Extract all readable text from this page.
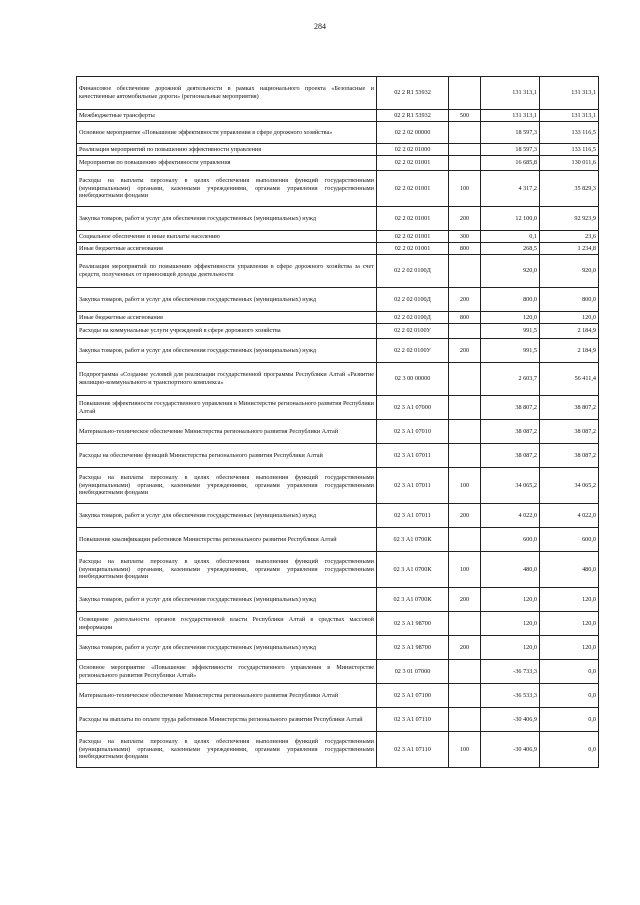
284
Финансовое обеспечение дорожной деятельности в рамках национального проекта «Безопасные и качественные автомобильные дороги» (региональные мероприятия)	02 2 R1 53932		131 313,1	131 313,1
Межбюджетные трансферты	02 2 R1 53932	500	131 313,1	131 313,1
Основное мероприятие «Повышение эффективности управления в сфере дорожного хозяйства»	02 2 02 00000		18 597,3	133 116,5
Реализация мероприятий по повышению эффективности управления	02 2 02 01000		18 597,3	133 116,5
Мероприятия по повышению эффективности управления	02 2 02 01001		16 685,8	130 011,6
Расходы на выплаты персоналу в целях обеспечения выполнения функций государственными (муниципальными) органами, казенными учреждениями, органами управления государственными внебюджетными фондами	02 2 02 01001	100	4 317,2	35 829,3
Закупка товаров, работ и услуг для обеспечения государственных (муниципальных) нужд	02 2 02 01001	200	12 100,0	92 923,9
Социальное обеспечение и иные выплаты населению	02 2 02 01001	300	0,1	23,6
Иные бюджетные ассигнования	02 2 02 01001	800	268,5	1 234,8
Реализация мероприятий по повышению эффективности управления в сфере дорожного хозяйства за счет средств, полученных от приносящей доходы деятельности	02 2 02 0100Д		920,0	920,0
Закупка товаров, работ и услуг для обеспечения государственных (муниципальных) нужд	02 2 02 0100Д	200	800,0	800,0
Иные бюджетные ассигнования	02 2 02 0100Д	800	120,0	120,0
Расходы на коммунальные услуги учреждений в сфере дорожного хозяйства	02 2 02 0100У		991,5	2 184,9
Закупка товаров, работ и услуг для обеспечения государственных (муниципальных) нужд	02 2 02 0100У	200	991,5	2 184,9
Подпрограмма «Создание условий для реализации государственной программы Республики Алтай «Развитие жилищно-коммунального и транспортного комплекса»	02 3 00 00000		2 603,7	56 411,4
Повышение эффективности государственного управления в Министерстве регионального развития Республики Алтай	02 3 А1 07000		38 807,2	38 807,2
Материально-техническое обеспечение Министерства регионального развития Республики Алтай	02 3 А1 07010		38 087,2	38 087,2
Расходы на обеспечение функций Министерства регионального развития Республики Алтай	02 3 А1 07011		38 087,2	38 087,2
Расходы на выплаты персоналу в целях обеспечения выполнения функций государственными (муниципальными) органами, казенными учреждениями, органами управления государственными внебюджетными фондами	02 3 А1 07011	100	34 065,2	34 065,2
Закупка товаров, работ и услуг для обеспечения государственных (муниципальных) нужд	02 3 А1 07011	200	4 022,0	4 022,0
Повышение квалификации работников Министерства регионального развития Республики Алтай	02 3 А1 0700К		600,0	600,0
Расходы на выплаты персоналу в целях обеспечения выполнения функций государственными (муниципальными) органами, казенными учреждениями, органами управления государственными внебюджетными фондами	02 3 А1 0700К	100	480,0	480,0
Закупка товаров, работ и услуг для обеспечения государственных (муниципальных) нужд	02 3 А1 0700К	200	120,0	120,0
Освещение деятельности органов государственной власти Республики Алтай в средствах массовой информации	02 3 А1 98700		120,0	120,0
Закупка товаров, работ и услуг для обеспечения государственных (муниципальных) нужд	02 3 А1 98700	200	120,0	120,0
Основное мероприятие «Повышение эффективности государственного управления в Министерстве регионального развития Республики Алтай»	02 3 01 07000		-36 733,3	0,0
Материально-техническое обеспечение Министерства регионального развития Республики Алтай	02 3 А1 07100		-36 533,3	0,0
Расходы на выплаты по оплате труда работников Министерства регионального развития Республики Алтай	02 3 А1 07110		-30 406,9	0,0
Расходы на выплаты персоналу в целях обеспечения выполнения функций государственными (муниципальными) органами, казенными учреждениями, органами управления государственными внебюджетными фондами	02 3 А1 07110	100	-30 406,9	0,0
